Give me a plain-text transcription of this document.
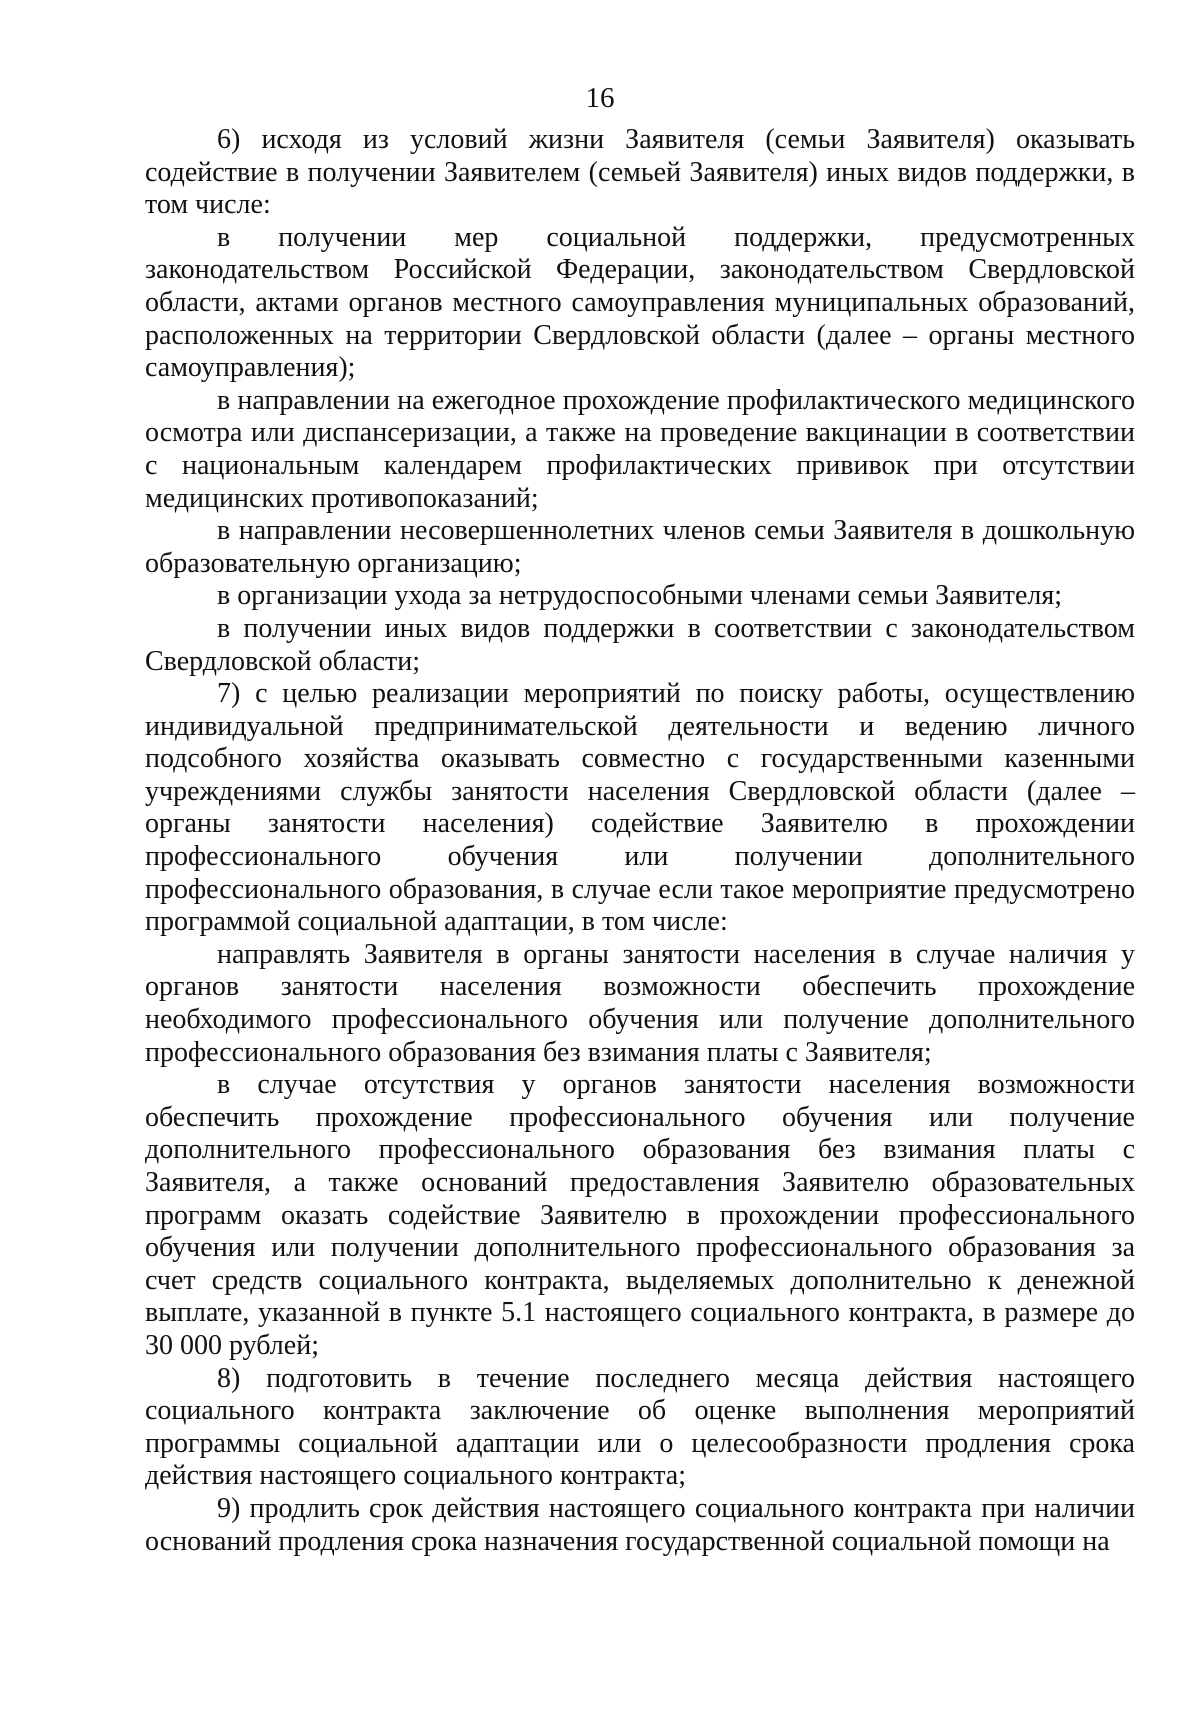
16

6) исходя из условий жизни Заявителя (семьи Заявителя) оказывать содействие в получении Заявителем (семьей Заявителя) иных видов поддержки, в том числе:

в получении мер социальной поддержки, предусмотренных законодательством Российской Федерации, законодательством Свердловской области, актами органов местного самоуправления муниципальных образований, расположенных на территории Свердловской области (далее – органы местного самоуправления);

в направлении на ежегодное прохождение профилактического медицинского осмотра или диспансеризации, а также на проведение вакцинации в соответствии с национальным календарем профилактических прививок при отсутствии медицинских противопоказаний;

в направлении несовершеннолетних членов семьи Заявителя в дошкольную образовательную организацию;

в организации ухода за нетрудоспособными членами семьи Заявителя;

в получении иных видов поддержки в соответствии с законодательством Свердловской области;

7) с целью реализации мероприятий по поиску работы, осуществлению индивидуальной предпринимательской деятельности и ведению личного подсобного хозяйства оказывать совместно с государственными казенными учреждениями службы занятости населения Свердловской области (далее – органы занятости населения) содействие Заявителю в прохождении профессионального обучения или получении дополнительного профессионального образования, в случае если такое мероприятие предусмотрено программой социальной адаптации, в том числе:

направлять Заявителя в органы занятости населения в случае наличия у органов занятости населения возможности обеспечить прохождение необходимого профессионального обучения или получение дополнительного профессионального образования без взимания платы с Заявителя;

в случае отсутствия у органов занятости населения возможности обеспечить прохождение профессионального обучения или получение дополнительного профессионального образования без взимания платы с Заявителя, а также оснований предоставления Заявителю образовательных программ оказать содействие Заявителю в прохождении профессионального обучения или получении дополнительного профессионального образования за счет средств социального контракта, выделяемых дополнительно к денежной выплате, указанной в пункте 5.1 настоящего социального контракта, в размере до 30 000 рублей;

8) подготовить в течение последнего месяца действия настоящего социального контракта заключение об оценке выполнения мероприятий программы социальной адаптации или о целесообразности продления срока действия настоящего социального контракта;

9) продлить срок действия настоящего социального контракта при наличии оснований продления срока назначения государственной социальной помощи на
